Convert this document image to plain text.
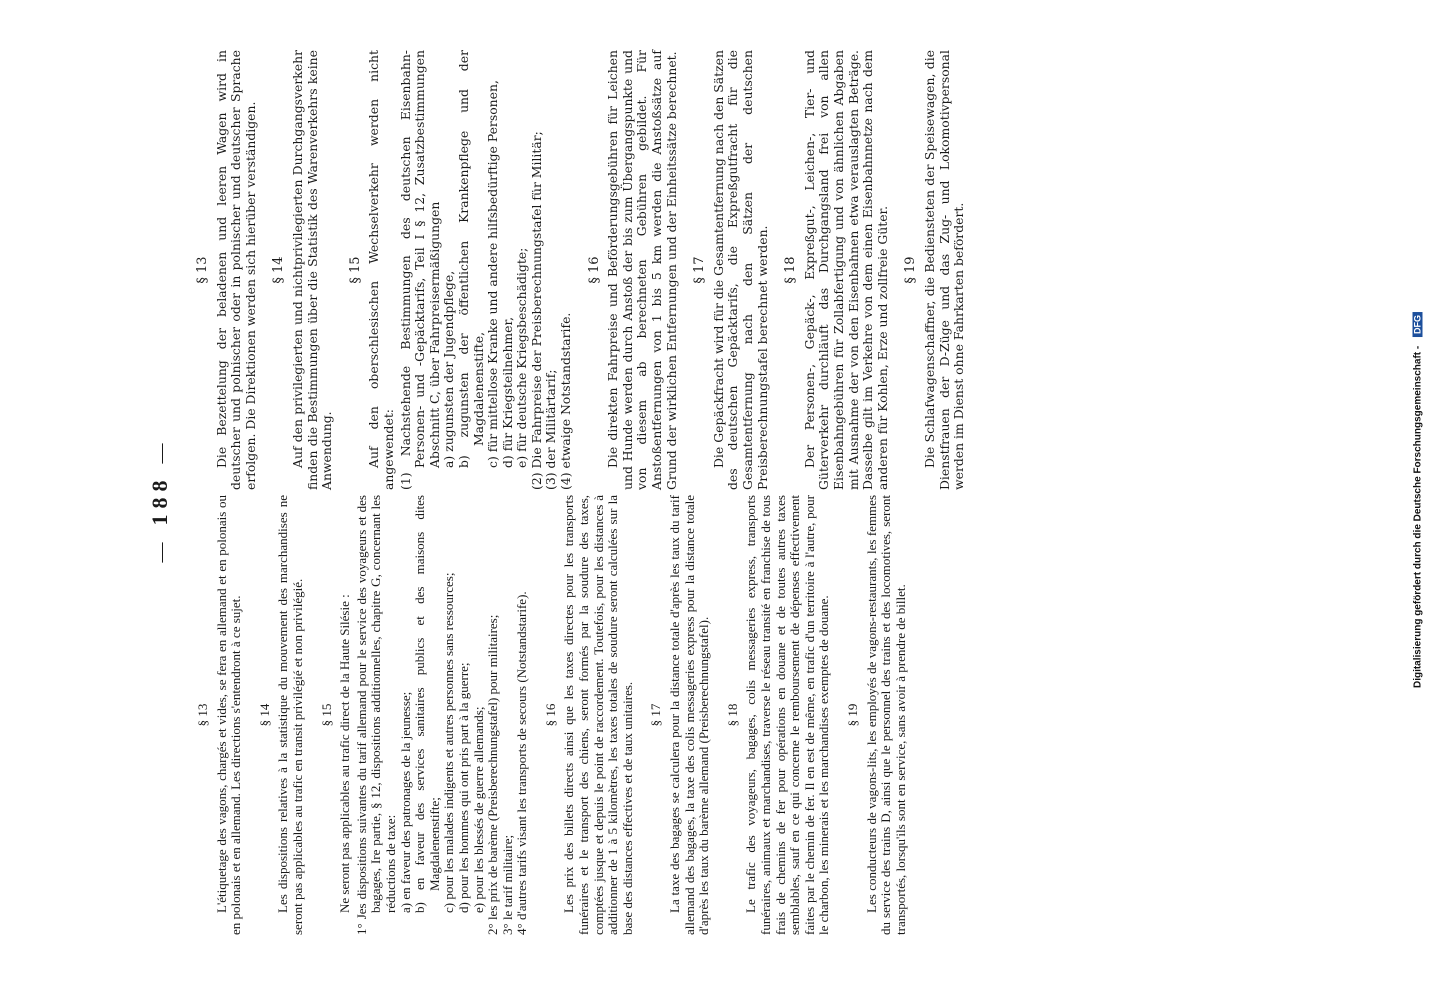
— 188 —
§ 13 L'étiquetage des vagons, chargés et vides, se fera en allemand et en polonais ou en polonais et en allemand. Les directions s'entendront à ce sujet. § 14 Les dispositions relatives à la statistique du mouvement des marchandises ne seront pas applicables au trafic en transit privilégié et non privilégié. § 15 Ne seront pas applicables au trafic direct de la Haute Silésie : 1° Jes dispositions suivantes du tarif allemand pour le service des voyageurs et des bagages, Ire partie, § 12, dispositions additionnelles, chapitre G, concernant les réductions de taxe: a) en faveur des patronages de la jeunesse; b) en faveur des services sanitaires publics et des maisons dites Magdalenenstifte; c) pour les malades indigents et autres personnes sans ressources; d) pour les hommes qui ont pris part à la guerre; e) pour les blessés de guerre allemands; 2° les prix de barème (Preisberechnungstafel) pour militaires; 3° le tarif militaire; 4° d'autres tarifs visant les transports de secours (Notstandstarife). § 16 Les prix des billets directs ainsi que les taxes directes pour les transports funéraires et le transport des chiens, seront formés par la soudure des taxes, comptées jusque et depuis le point de raccordement. Toutefois, pour les distances à additionner de 1 à 5 kilomètres, les taxes totales de soudure seront calculées sur la base des distances effectives et de taux unitaires. § 17 La taxe des bagages se calculera pour la distance totale d'après les taux du tarif allemand des bagages, la taxe des colis messageries express pour la distance totale d'après les taux du barème allemand (Preisberechnungstafel). § 18 Le trafic des voyageurs, bagages, colis messageries express, transports funéraires, animaux et marchandises, traverse le réseau transité en franchise de tous frais de chemins de fer pour opérations en douane et de toutes autres taxes semblables, sauf en ce qui concerne le remboursement de dépenses effectivement faites par le chemin de fer. Il en est de même, en trafic d'un territoire à l'autre, pour le charbon, les minerais et les marchandises exemptes de douane. § 19 Les conducteurs de vagons-lits, les employés de vagons-restaurants, les femmes du service des trains D, ainsi que le personnel des trains et des locomotives, seront transportés, lorsqu'ils sont en service, sans avoir à prendre de billet.

§ 13 Die Bezettelung der beladenen und leeren Wagen wird in deutscher und polnischer oder in polnischer und deutscher Sprache erfolgen. Die Direktionen werden sich hierüber verständigen. § 14 Auf den privilegierten und nichtprivilegierten Durchgangsverkehr finden die Bestimmungen über die Statistik des Warenverkehrs keine Anwendung.

§ 15 Auf den oberschlesischen Wechselverkehr werden nicht angewendet: (1) Nachstehende Bestimmungen des deutschen Eisenbahn-Personen- und -Gepäcktarifs, Teil I § 12, Zusatzbestimmungen Abschnitt C, über Fahrpreisermäßigungen a) zugunsten der Jugendpflege, b) zugunsten der öffentlichen Krankenpflege und der Magdalenenstifte, c) für mittellose Kranke und andere hilfsbedürftige Personen, d) für Kriegsteilnehmer, e) für deutsche Kriegsbeschädigte; (2) Die Fahrpreise der Preisberechnungstafel für Militär; (3) der Militärtarif; (4) etwaige Notstandstarife.
§ 16 Die direkten Fahrpreise und Beförderungsgebühren für Leichen und Hunde werden durch Anstoß der bis zum Übergangspunkte und von diesem ab berechneten Gebühren gebildet. Für Anstoßentfernungen von 1 bis 5 km werden die Anstoßsätze auf Grund der wirklichen Entfernungen und der Einheitssätze berechnet. § 17 Die Gepäckfracht wird für die Gesamtentfernung nach den Sätzen des deutschen Gepäcktarifs, die Expreßgutfracht für die Gesamtentfernung nach den Sätzen der deutschen Preisberechnungstafel berechnet werden. § 18 Der Personen-, Gepäck-, Expreßgut-, Leichen-, Tier- und Güterverkehr durchläuft das Durchgangsland frei von allen Eisenbahngebühren für Zollabfertigung und von ähnlichen Abgaben mit Ausnahme der von den Eisenbahnen etwa verauslagten Beträge. Dasselbe gilt im Verkehre von dem einen Eisenbahnnetze nach dem anderen für Kohlen, Erze und zollfreie Güter. § 19 Die Schlafwagenschaffner, die Bediensteten der Speisewagen, die Dienstfrauen der D-Züge und das Zug- und Lokomotivpersonal werden im Dienst ohne Fahrkarten befördert.	Digitalisierung gefördert durch die Deutsche Forschungsgemeinschaft - DFG
